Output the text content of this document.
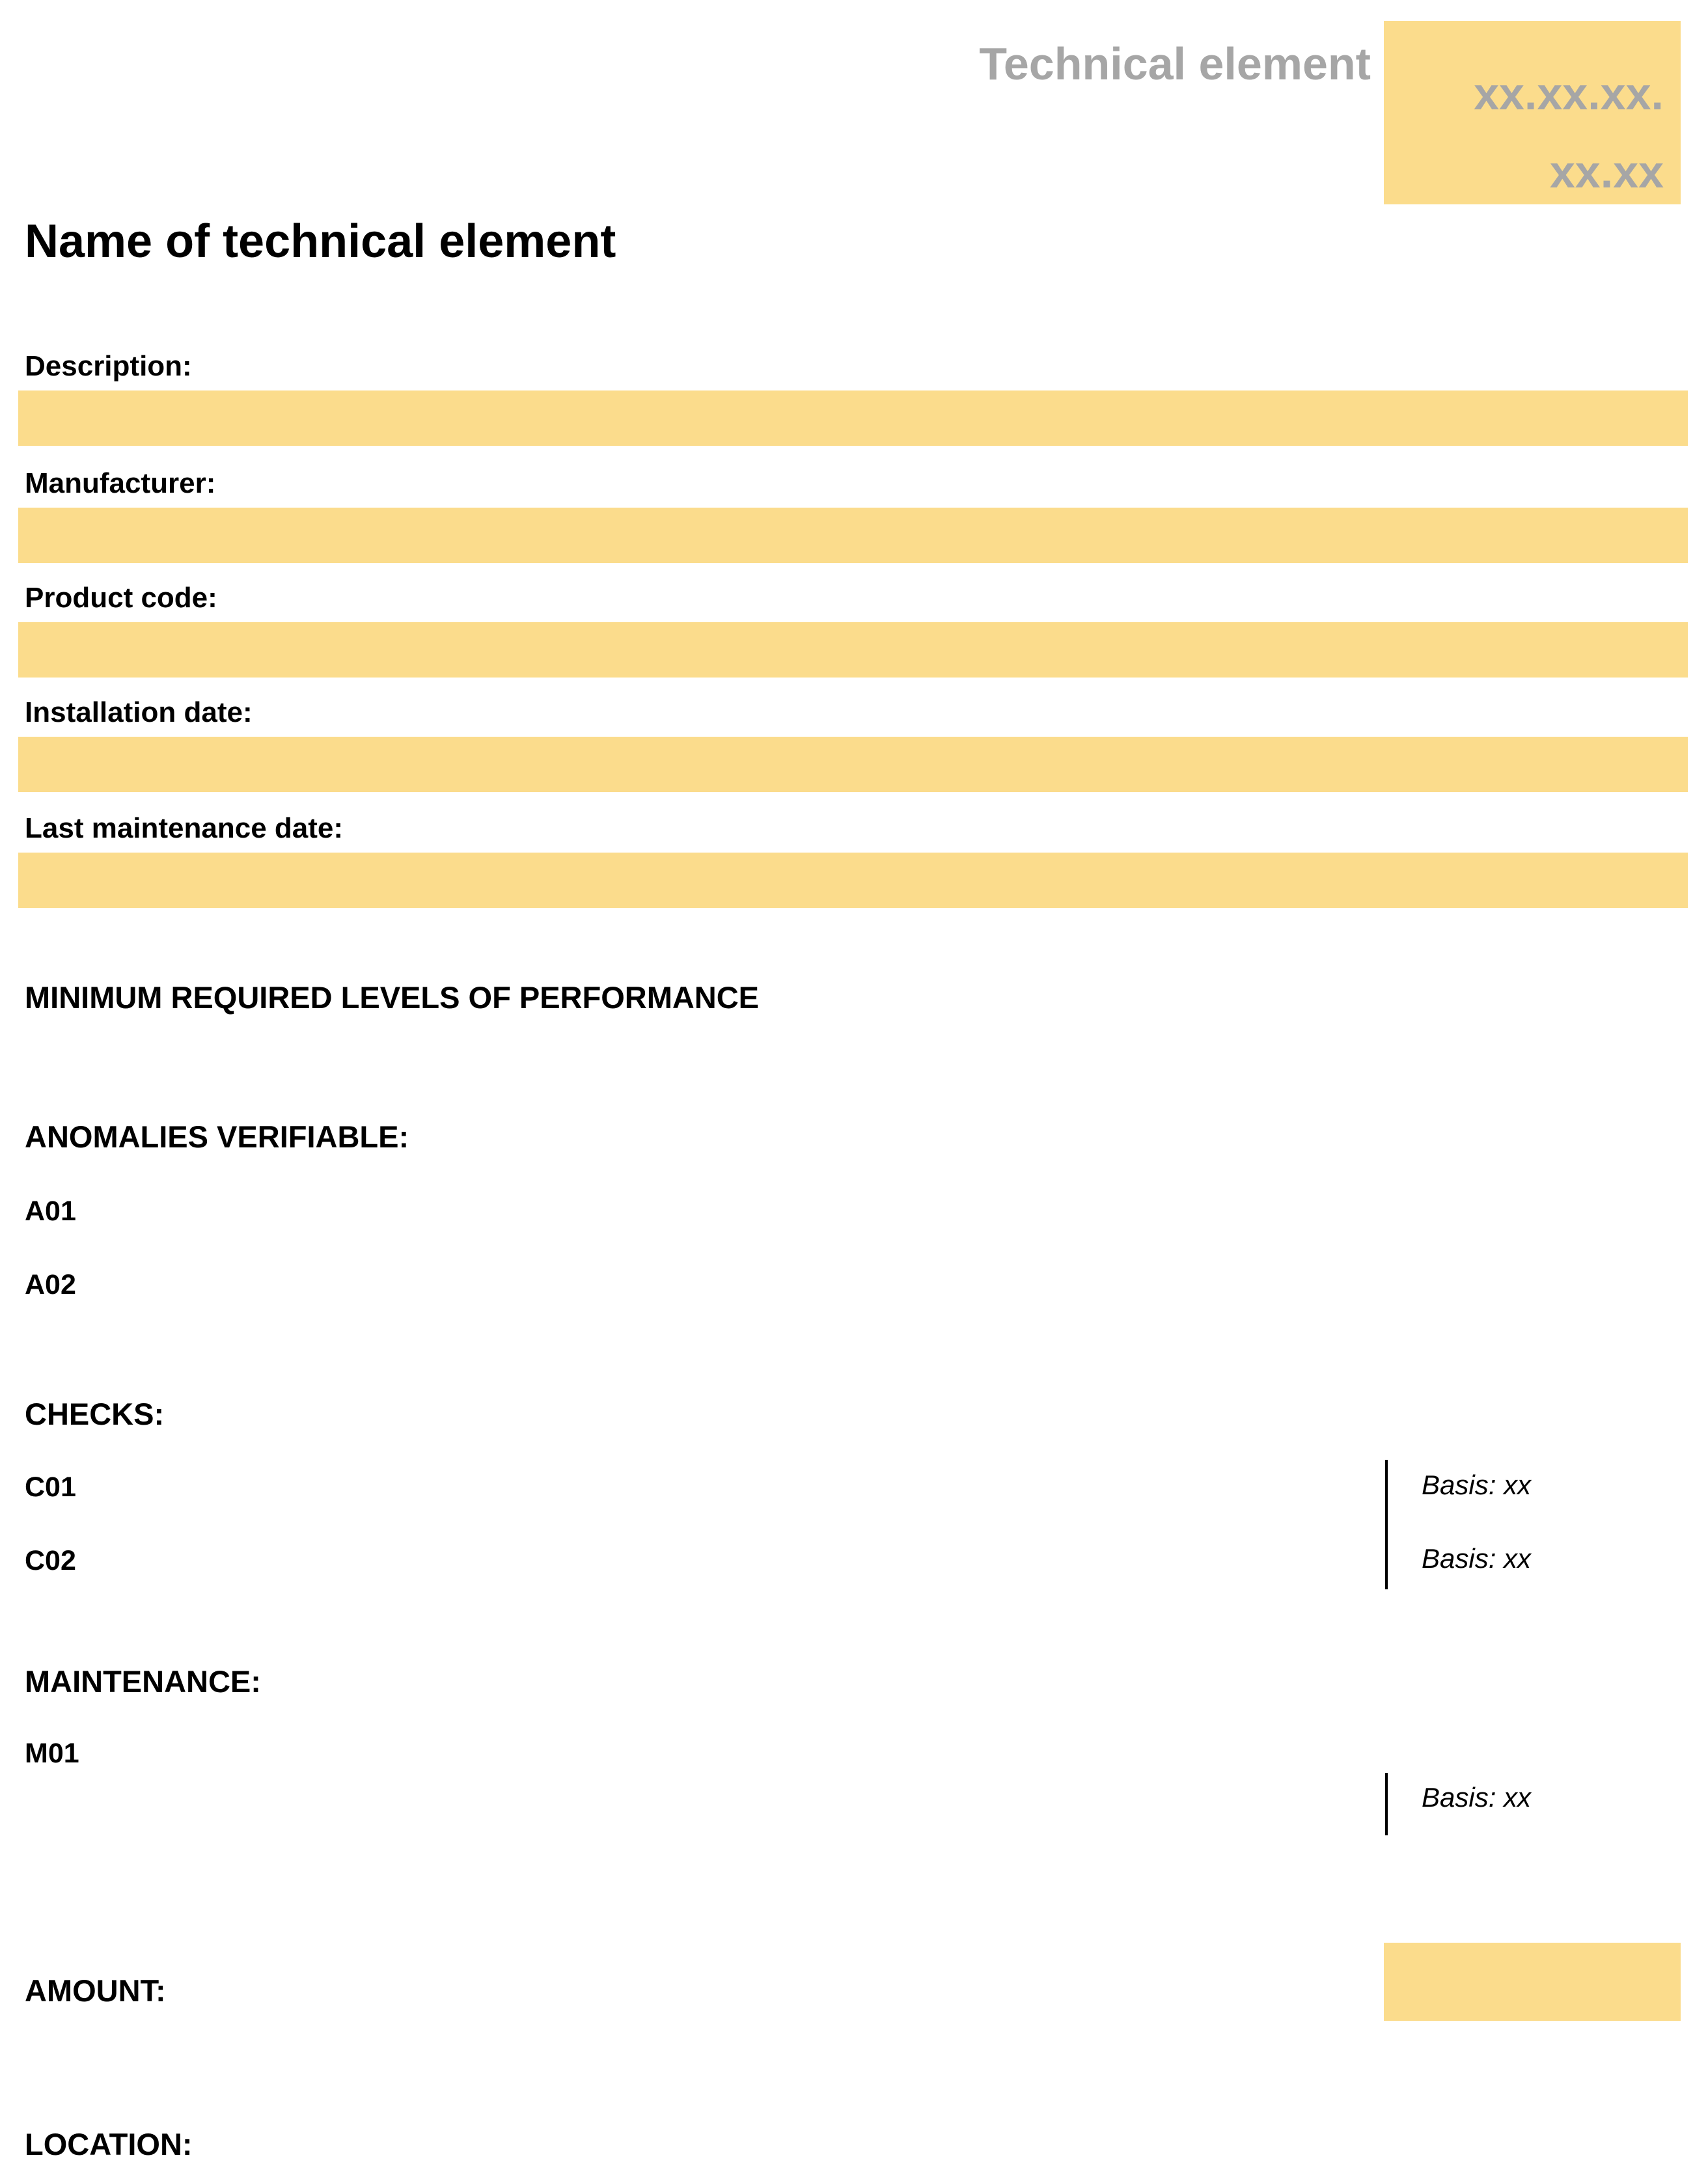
Technical element
xx.xx.xx.
xx.xx
Name of technical element
Description:
Manufacturer:
Product code:
Installation date:
Last maintenance date:
MINIMUM REQUIRED LEVELS OF PERFORMANCE
ANOMALIES VERIFIABLE:
A01
A02
CHECKS:
C01
C02
Basis: xx
Basis: xx
MAINTENANCE:
M01
Basis: xx
AMOUNT:
LOCATION:
